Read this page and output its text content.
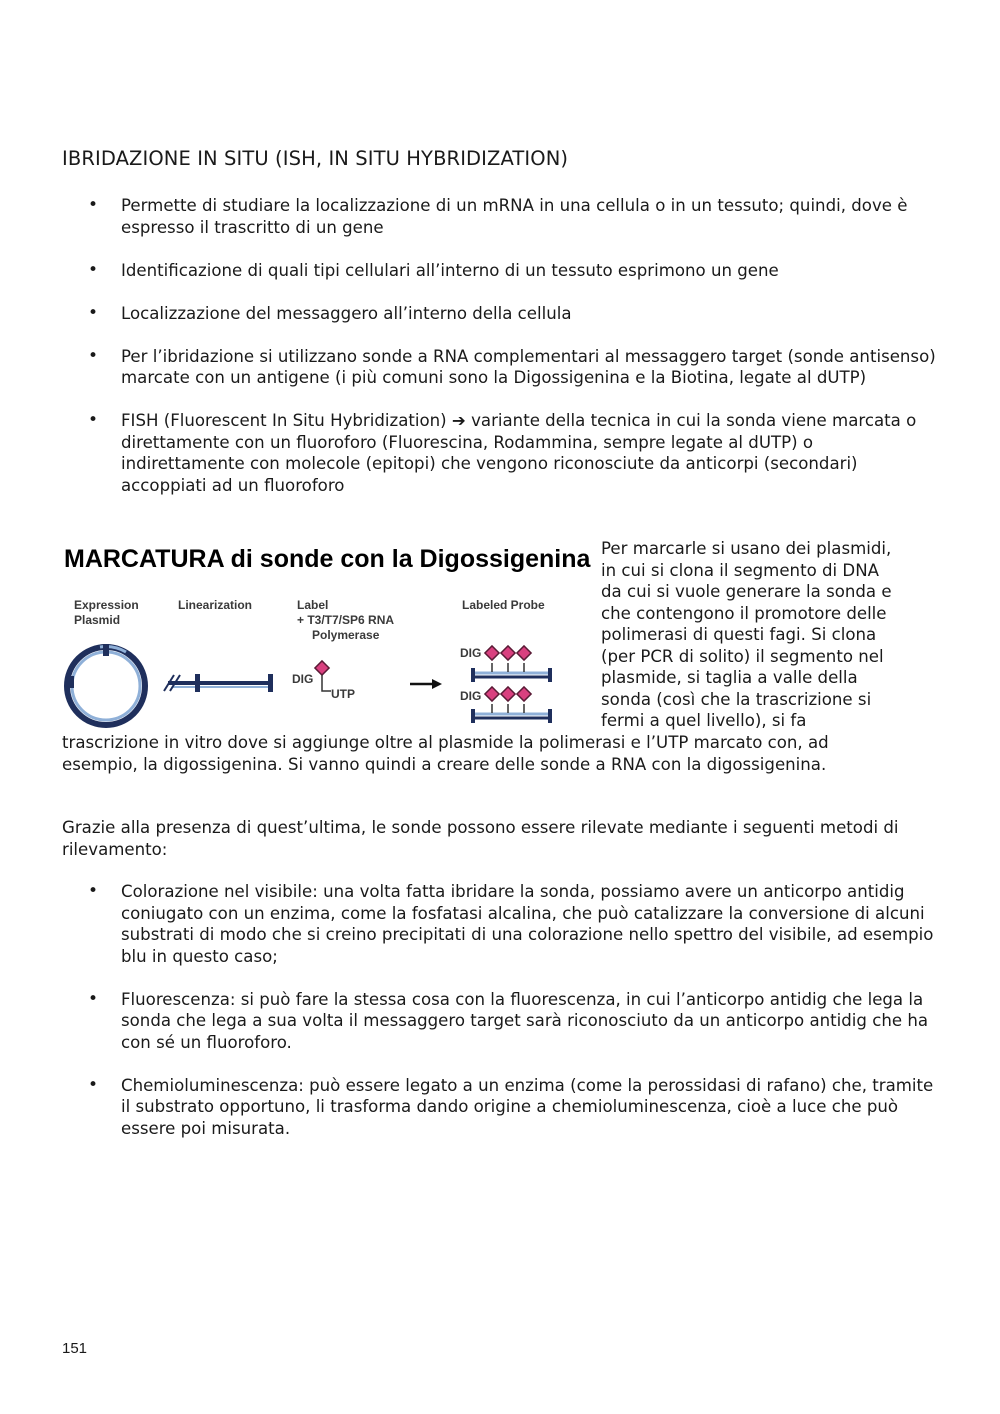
IBRIDAZIONE IN SITU (ISH, IN SITU HYBRIDIZATION)
• Permette di studiare la localizzazione di un mRNA in una cellula o in un tessuto; quindi, dove è espresso il trascritto di un gene
• Identificazione di quali tipi cellulari all’interno di un tessuto esprimono un gene
• Localizzazione del messaggero all’interno della cellula
• Per l’ibridazione si utilizzano sonde a RNA complementari al messaggero target (sonde antisenso) marcate con un antigene (i più comuni sono la Digossigenina e la Biotina, legate al dUTP)
• FISH (Fluorescent In Situ Hybridization) ➔ variante della tecnica in cui la sonda viene marcata o direttamente con un fluoroforo (Fluorescina, Rodammina, sempre legate al dUTP) o indirettamente con molecole (epitopi) che vengono riconosciute da anticorpi (secondari) accoppiati ad un fluoroforo
MARCATURA di sonde con la Digossigenina
Expression
Plasmid
Linearization	Label
+ T3/T7/SP6 RNA
Polymerase
Labeled Probe
DIG
UTP
DIG
DIG
Per marcarle si usano dei plasmidi,
in cui si clona il segmento di DNA
da cui si vuole generare la sonda e
che contengono il promotore delle
polimerasi di questi fagi. Si clona
(per PCR di solito) il segmento nel
plasmide, si taglia a valle della
sonda (così che la trascrizione si
fermi a quel livello), si fa
trascrizione in vitro dove si aggiunge oltre al plasmide la polimerasi e l’UTP marcato con, ad
esempio, la digossigenina. Si vanno quindi a creare delle sonde a RNA con la digossigenina.
Grazie alla presenza di quest’ultima, le sonde possono essere rilevate mediante i seguenti metodi di rilevamento:
• Colorazione nel visibile: una volta fatta ibridare la sonda, possiamo avere un anticorpo antidig coniugato con un enzima, come la fosfatasi alcalina, che può catalizzare la conversione di alcuni substrati di modo che si creino precipitati di una colorazione nello spettro del visibile, ad esempio blu in questo caso;
• Fluorescenza: si può fare la stessa cosa con la fluorescenza, in cui l’anticorpo antidig che lega la sonda che lega a sua volta il messaggero target sarà riconosciuto da un anticorpo antidig che ha con sé un fluoroforo.
• Chemioluminescenza: può essere legato a un enzima (come la perossidasi di rafano) che, tramite il substrato opportuno, li trasforma dando origine a chemioluminescenza, cioè a luce che può essere poi misurata.
151
